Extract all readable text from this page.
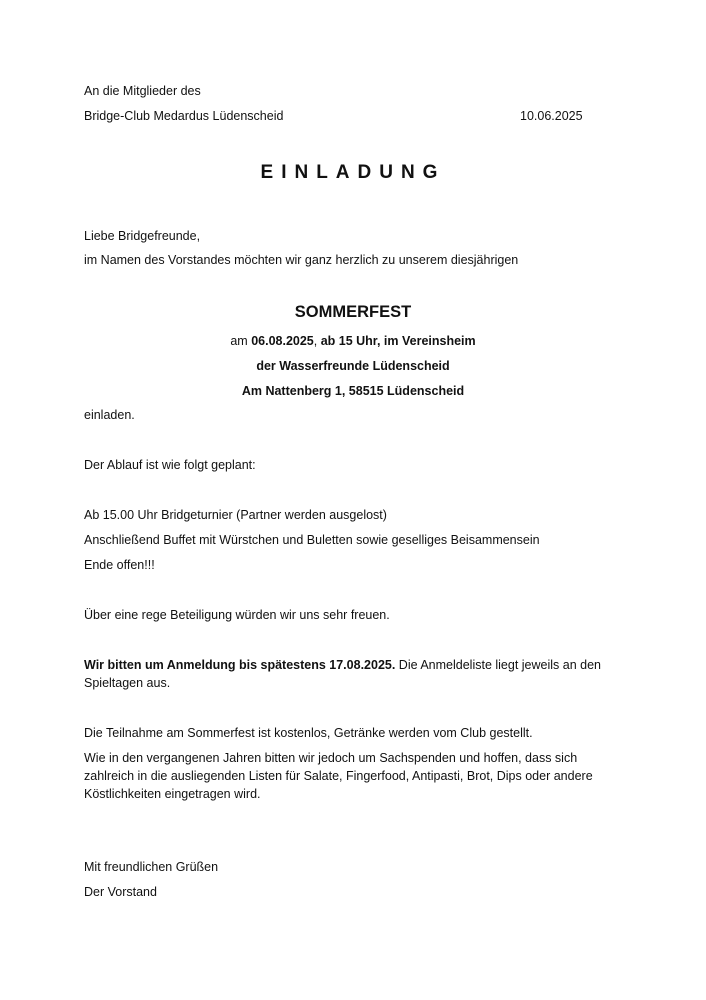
An die Mitglieder des
Bridge-Club Medardus Lüdenscheid	10.06.2025
EINLADUNG
Liebe Bridgefreunde,
im Namen des Vorstandes möchten wir ganz herzlich zu unserem diesjährigen
SOMMERFEST
am 06.08.2025, ab 15 Uhr, im Vereinsheim
der Wasserfreunde Lüdenscheid
Am Nattenberg 1, 58515 Lüdenscheid
einladen.
Der Ablauf ist wie folgt geplant:
Ab 15.00 Uhr Bridgeturnier (Partner werden ausgelost)
Anschließend Buffet mit Würstchen und Buletten sowie geselliges Beisammensein
Ende offen!!!
Über eine rege Beteiligung würden wir uns sehr freuen.
Wir bitten um Anmeldung bis spätestens 17.08.2025. Die Anmeldeliste liegt jeweils an den Spieltagen aus.
Die Teilnahme am Sommerfest ist kostenlos, Getränke werden vom Club gestellt.
Wie in den vergangenen Jahren bitten wir jedoch um Sachspenden und hoffen, dass sich zahlreich in die ausliegenden Listen für Salate, Fingerfood, Antipasti, Brot, Dips oder andere Köstlichkeiten eingetragen wird.
Mit freundlichen Grüßen
Der Vorstand
